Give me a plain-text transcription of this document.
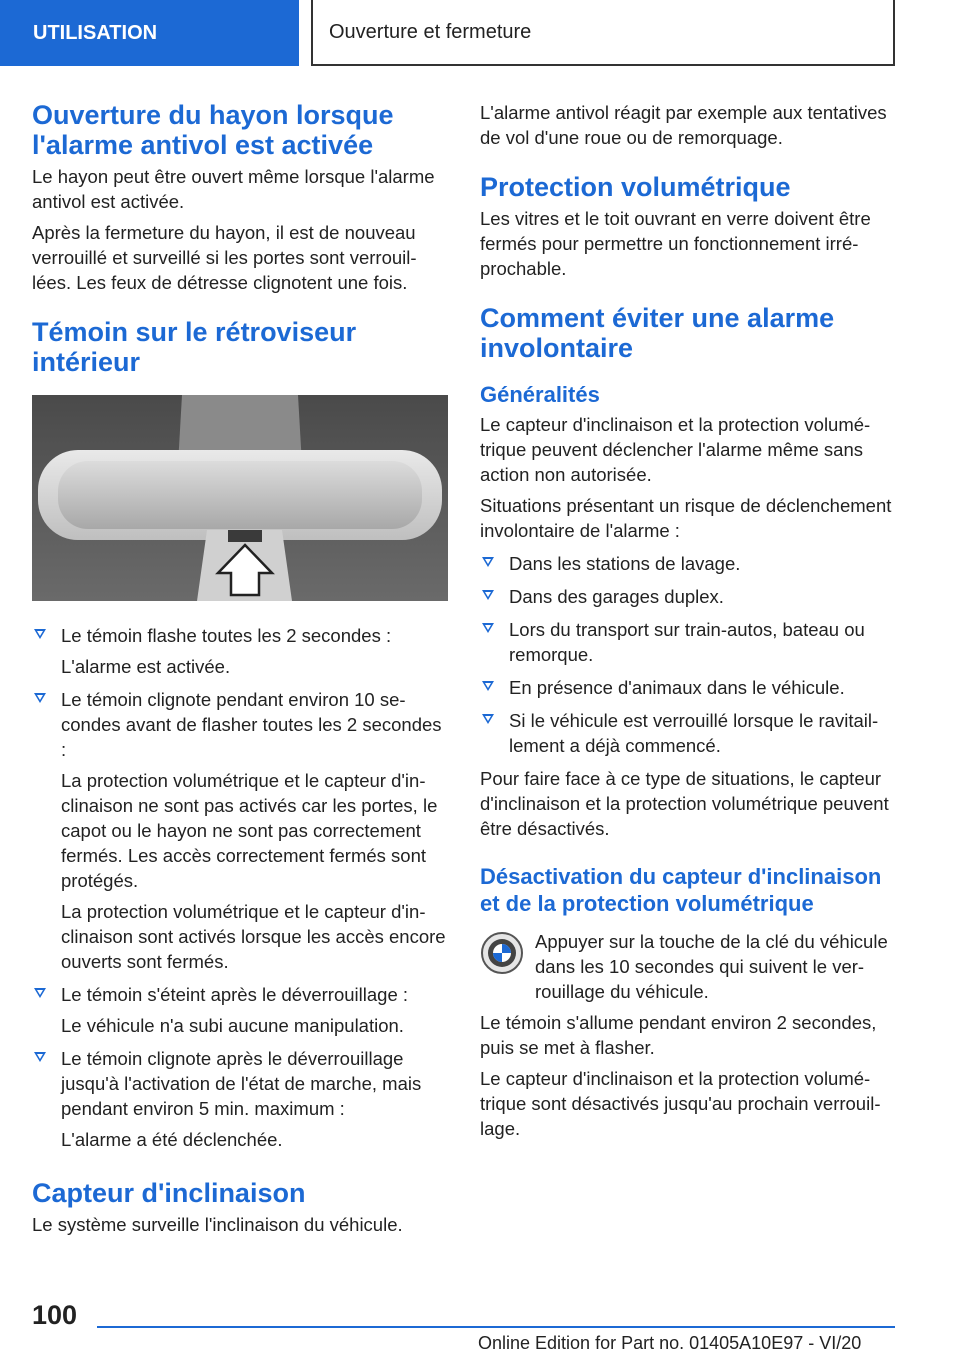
UTILISATION	Ouverture et fermeture
Ouverture du hayon lorsque l'alarme antivol est activée

Le hayon peut être ouvert même lorsque l'alarme antivol est activée.

Après la fermeture du hayon, il est de nouveau verrouillé et surveillé si les portes sont verrouillées. Les feux de détresse clignotent une fois.

Témoin sur le rétroviseur intérieur
Le témoin flashe toutes les 2 secondes :

L'alarme est activée.

Le témoin clignote pendant environ 10 secondes avant de flasher toutes les 2 secondes :

La protection volumétrique et le capteur d'inclinaison ne sont pas activés car les portes, le capot ou le hayon ne sont pas correctement fermés. Les accès correctement fermés sont protégés.

La protection volumétrique et le capteur d'inclinaison sont activés lorsque les accès encore ouverts sont fermés.

Le témoin s'éteint après le déverrouillage :

Le véhicule n'a subi aucune manipulation.

Le témoin clignote après le déverrouillage jusqu'à l'activation de l'état de marche, mais pendant environ 5 min. maximum :

L'alarme a été déclenchée.

Capteur d'inclinaison

Le système surveille l'inclinaison du véhicule.

L'alarme antivol réagit par exemple aux tentatives de vol d'une roue ou de remorquage.

Protection volumétrique

Les vitres et le toit ouvrant en verre doivent être fermés pour permettre un fonctionnement irréprochable.

Comment éviter une alarme involontaire
Généralités

Le capteur d'inclinaison et la protection volumétrique peuvent déclencher l'alarme même sans action non autorisée.

Situations présentant un risque de déclenchement involontaire de l'alarme :

Dans les stations de lavage.
Dans des garages duplex.
Lors du transport sur train-autos, bateau ou remorque.
En présence d'animaux dans le véhicule.
Si le véhicule est verrouillé lorsque le ravitaillement a déjà commencé.

Pour faire face à ce type de situations, le capteur d'inclinaison et la protection volumétrique peuvent être désactivés.

Désactivation du capteur d'inclinaison et de la protection volumétrique

Appuyer sur la touche de la clé du véhicule dans les 10 secondes qui suivent le verrouillage du véhicule.

Le témoin s'allume pendant environ 2 secondes, puis se met à flasher.

Le capteur d'inclinaison et la protection volumétrique sont désactivés jusqu'au prochain verrouillage.

100
Online Edition for Part no. 01405A10E97 - VI/20
